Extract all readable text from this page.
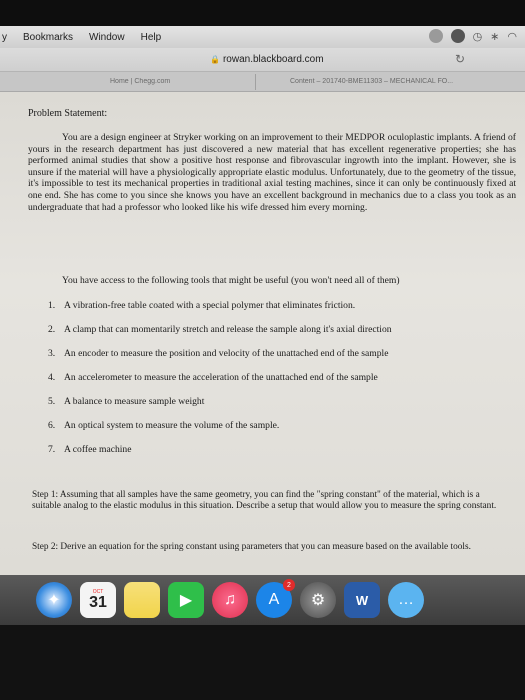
y Bookmarks Window Help	◷ ∗ ◠
🔒 rowan.blackboard.com	↻
Home | Chegg.com	Content – 201740-BME11303 – MECHANICAL FO...
Problem Statement:
You are a design engineer at Stryker working on an improvement to their MEDPOR oculoplastic implants. A friend of yours in the research department has just discovered a new material that has excellent regenerative properties; she has performed animal studies that show a positive host response and fibrovascular ingrowth into the implant. However, she is unsure if the material will have a physiologically appropriate elastic modulus. Unfortunately, due to the geometry of the tissue, it's impossible to test its mechanical properties in traditional axial testing machines, since it can only be continuously fixed at one end. She has come to you since she knows you have an excellent background in mechanics due to a class you took as an undergraduate that had a professor who looked like his wife dressed him every morning.
You have access to the following tools that might be useful (you won't need all of them)
1. A vibration-free table coated with a special polymer that eliminates friction.
2. A clamp that can momentarily stretch and release the sample along it's axial direction
3. An encoder to measure the position and velocity of the unattached end of the sample
4. An accelerometer to measure the acceleration of the unattached end of the sample
5. A balance to measure sample weight
6. An optical system to measure the volume of the sample.
7. A coffee machine
Step 1: Assuming that all samples have the same geometry, you can find the "spring constant" of the material, which is a suitable analog to the elastic modulus in this situation. Describe a setup that would allow you to measure the spring constant.
Step 2: Derive an equation for the spring constant using parameters that you can measure based on the available tools.
✦	OCT
31	▶	♫	A
2
⚙	W	…
